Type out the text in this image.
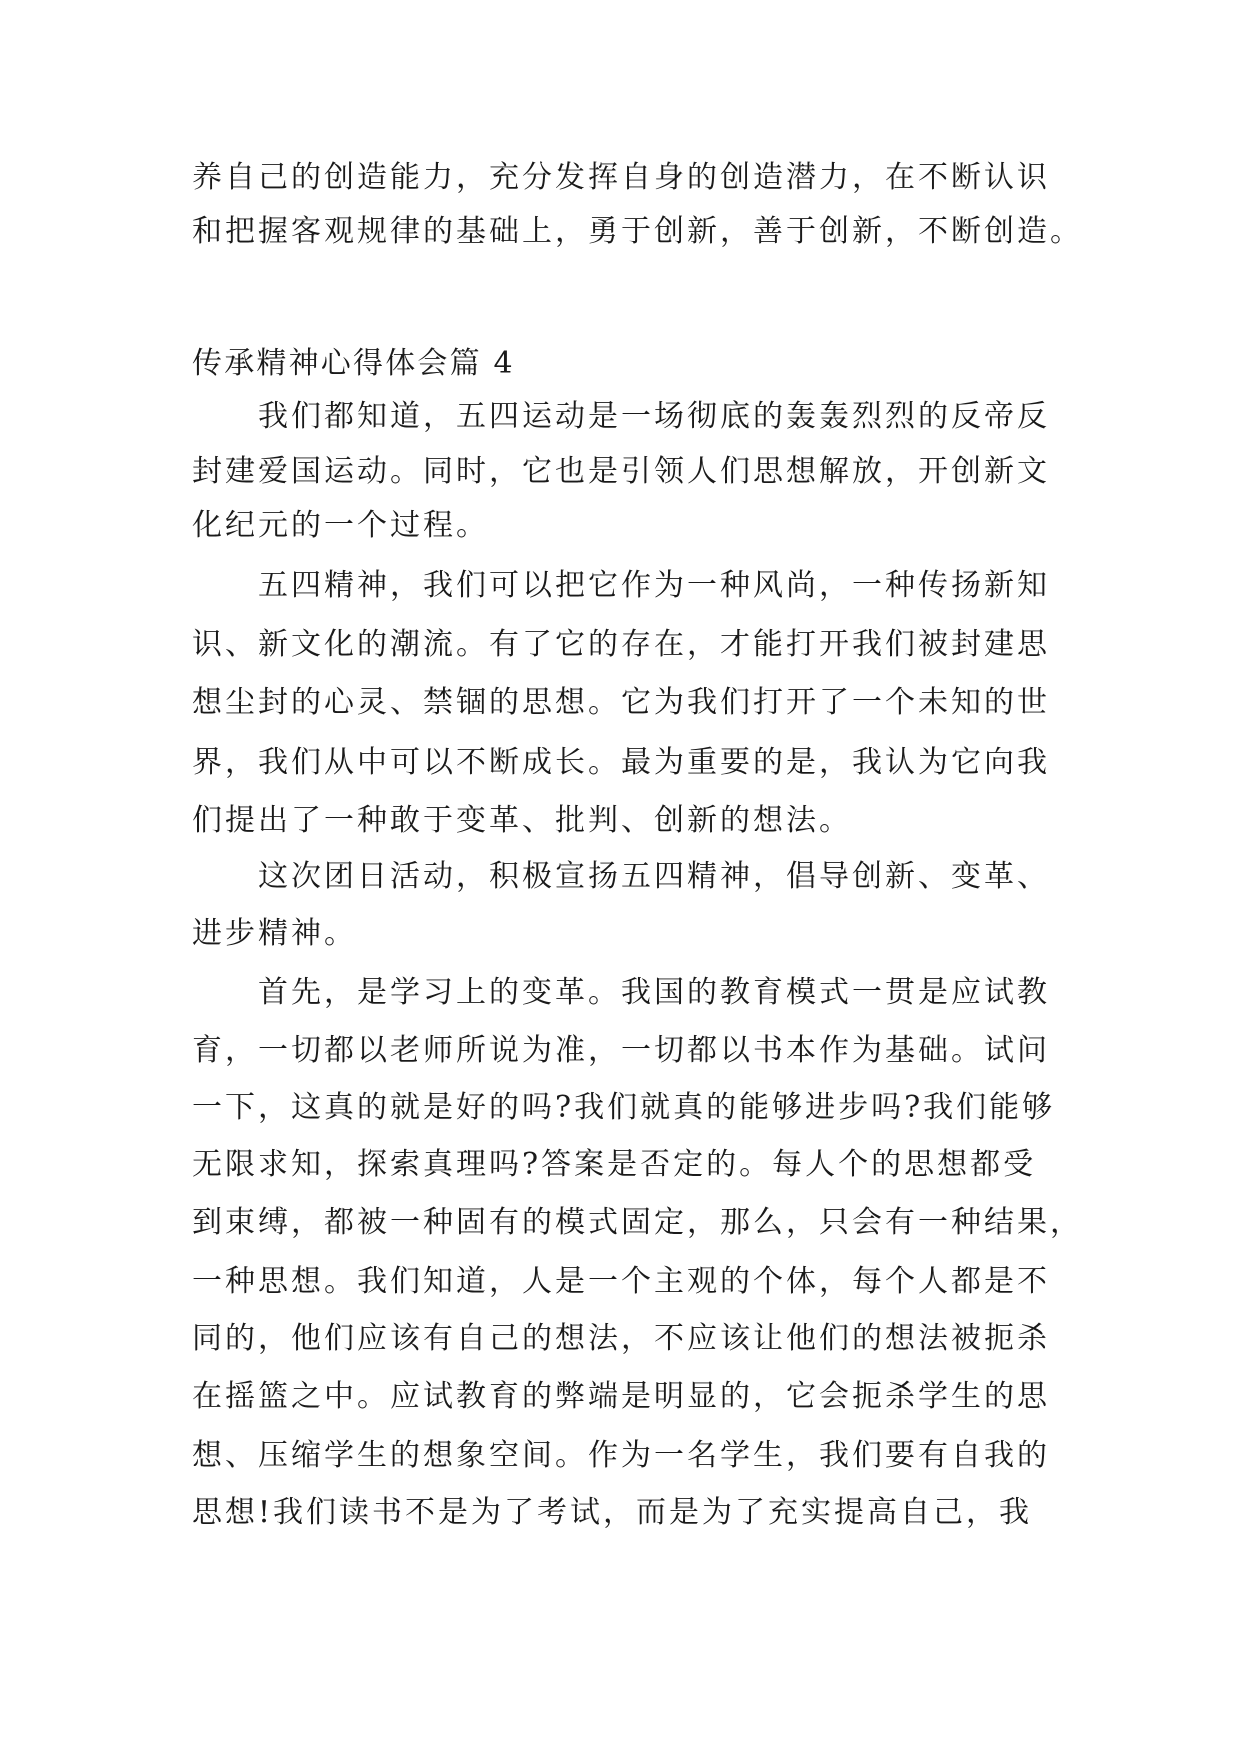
养自己的创造能力，充分发挥自身的创造潜力，在不断认识
和把握客观规律的基础上，勇于创新，善于创新，不断创造。
传承精神心得体会篇 4
我们都知道，五四运动是一场彻底的轰轰烈烈的反帝反
封建爱国运动。同时，它也是引领人们思想解放，开创新文
化纪元的一个过程。
五四精神，我们可以把它作为一种风尚，一种传扬新知
识、新文化的潮流。有了它的存在，才能打开我们被封建思
想尘封的心灵、禁锢的思想。它为我们打开了一个未知的世
界，我们从中可以不断成长。最为重要的是，我认为它向我
们提出了一种敢于变革、批判、创新的想法。
这次团日活动，积极宣扬五四精神，倡导创新、变革、
进步精神。
首先，是学习上的变革。我国的教育模式一贯是应试教
育，一切都以老师所说为准，一切都以书本作为基础。试问
一下，这真的就是好的吗?我们就真的能够进步吗?我们能够
无限求知，探索真理吗?答案是否定的。每人个的思想都受
到束缚，都被一种固有的模式固定，那么，只会有一种结果，
一种思想。我们知道，人是一个主观的个体，每个人都是不
同的，他们应该有自己的想法，不应该让他们的想法被扼杀
在摇篮之中。应试教育的弊端是明显的，它会扼杀学生的思
想、压缩学生的想象空间。作为一名学生，我们要有自我的
思想!我们读书不是为了考试，而是为了充实提高自己，我
